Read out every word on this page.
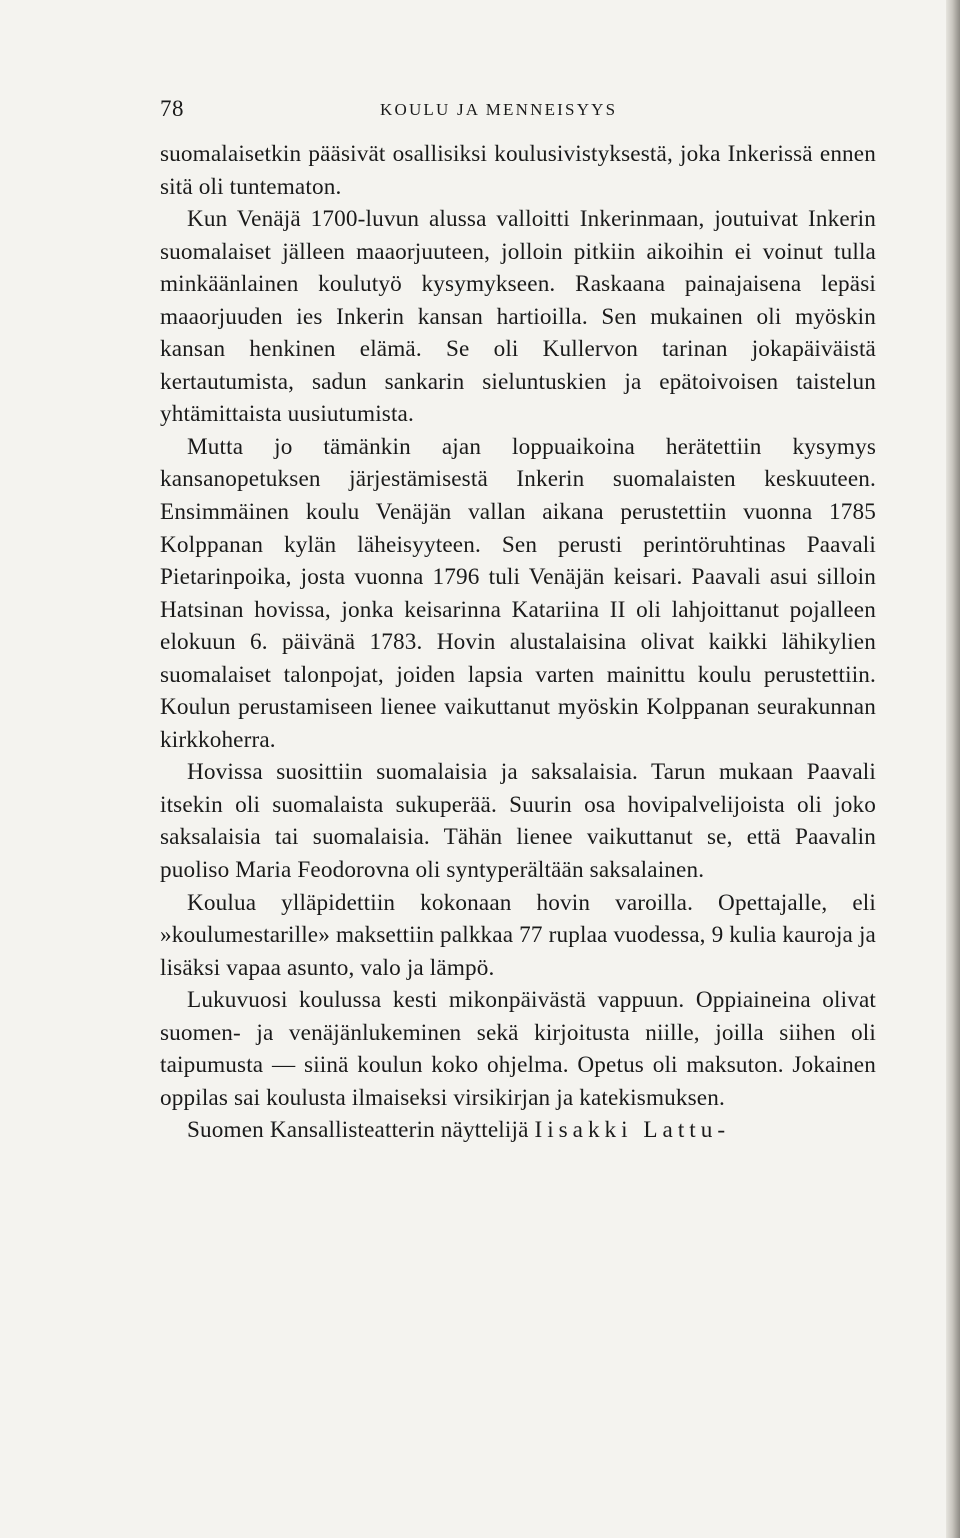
78	KOULU JA MENNEISYYS

suomalaisetkin pääsivät osallisiksi koulusivistyksestä, joka Inkerissä ennen sitä oli tuntematon.

Kun Venäjä 1700-luvun alussa valloitti Inkerinmaan, joutuivat Inkerin suomalaiset jälleen maaorjuuteen, jolloin pitkiin aikoihin ei voinut tulla minkäänlainen koulutyö kysymykseen. Raskaana painajaisena lepäsi maaorjuuden ies Inkerin kansan hartioilla. Sen mukainen oli myöskin kansan henkinen elämä. Se oli Kullervon tarinan jokapäiväistä kertautumista, sadun sankarin sieluntuskien ja epätoivoisen taistelun yhtämittaista uusiutumista.

Mutta jo tämänkin ajan loppuaikoina herätettiin kysymys kansanopetuksen järjestämisestä Inkerin suomalaisten keskuuteen. Ensimmäinen koulu Venäjän vallan aikana perustettiin vuonna 1785 Kolppanan kylän läheisyyteen. Sen perusti perintöruhtinas Paavali Pietarinpoika, josta vuonna 1796 tuli Venäjän keisari. Paavali asui silloin Hatsinan hovissa, jonka keisarinna Katariina II oli lahjoittanut pojalleen elokuun 6. päivänä 1783. Hovin alustalaisina olivat kaikki lähikylien suomalaiset talonpojat, joiden lapsia varten mainittu koulu perustettiin. Koulun perustamiseen lienee vaikuttanut myöskin Kolppanan seurakunnan kirkkoherra.

Hovissa suosittiin suomalaisia ja saksalaisia. Tarun mukaan Paavali itsekin oli suomalaista sukuperää. Suurin osa hovipalvelijoista oli joko saksalaisia tai suomalaisia. Tähän lienee vaikuttanut se, että Paavalin puoliso Maria Feodorovna oli syntyperältään saksalainen.

Koulua ylläpidettiin kokonaan hovin varoilla. Opettajalle, eli »koulumestarille» maksettiin palkkaa 77 ruplaa vuodessa, 9 kulia kauroja ja lisäksi vapaa asunto, valo ja lämpö.

Lukuvuosi koulussa kesti mikonpäivästä vappuun. Oppiaineina olivat suomen- ja venäjänlukeminen sekä kirjoitusta niille, joilla siihen oli taipumusta — siinä koulun koko ohjelma. Opetus oli maksuton. Jokainen oppilas sai koulusta ilmaiseksi virsikirjan ja katekismuksen.

Suomen Kansallisteatterin näyttelijä Iisakki Lattu-
